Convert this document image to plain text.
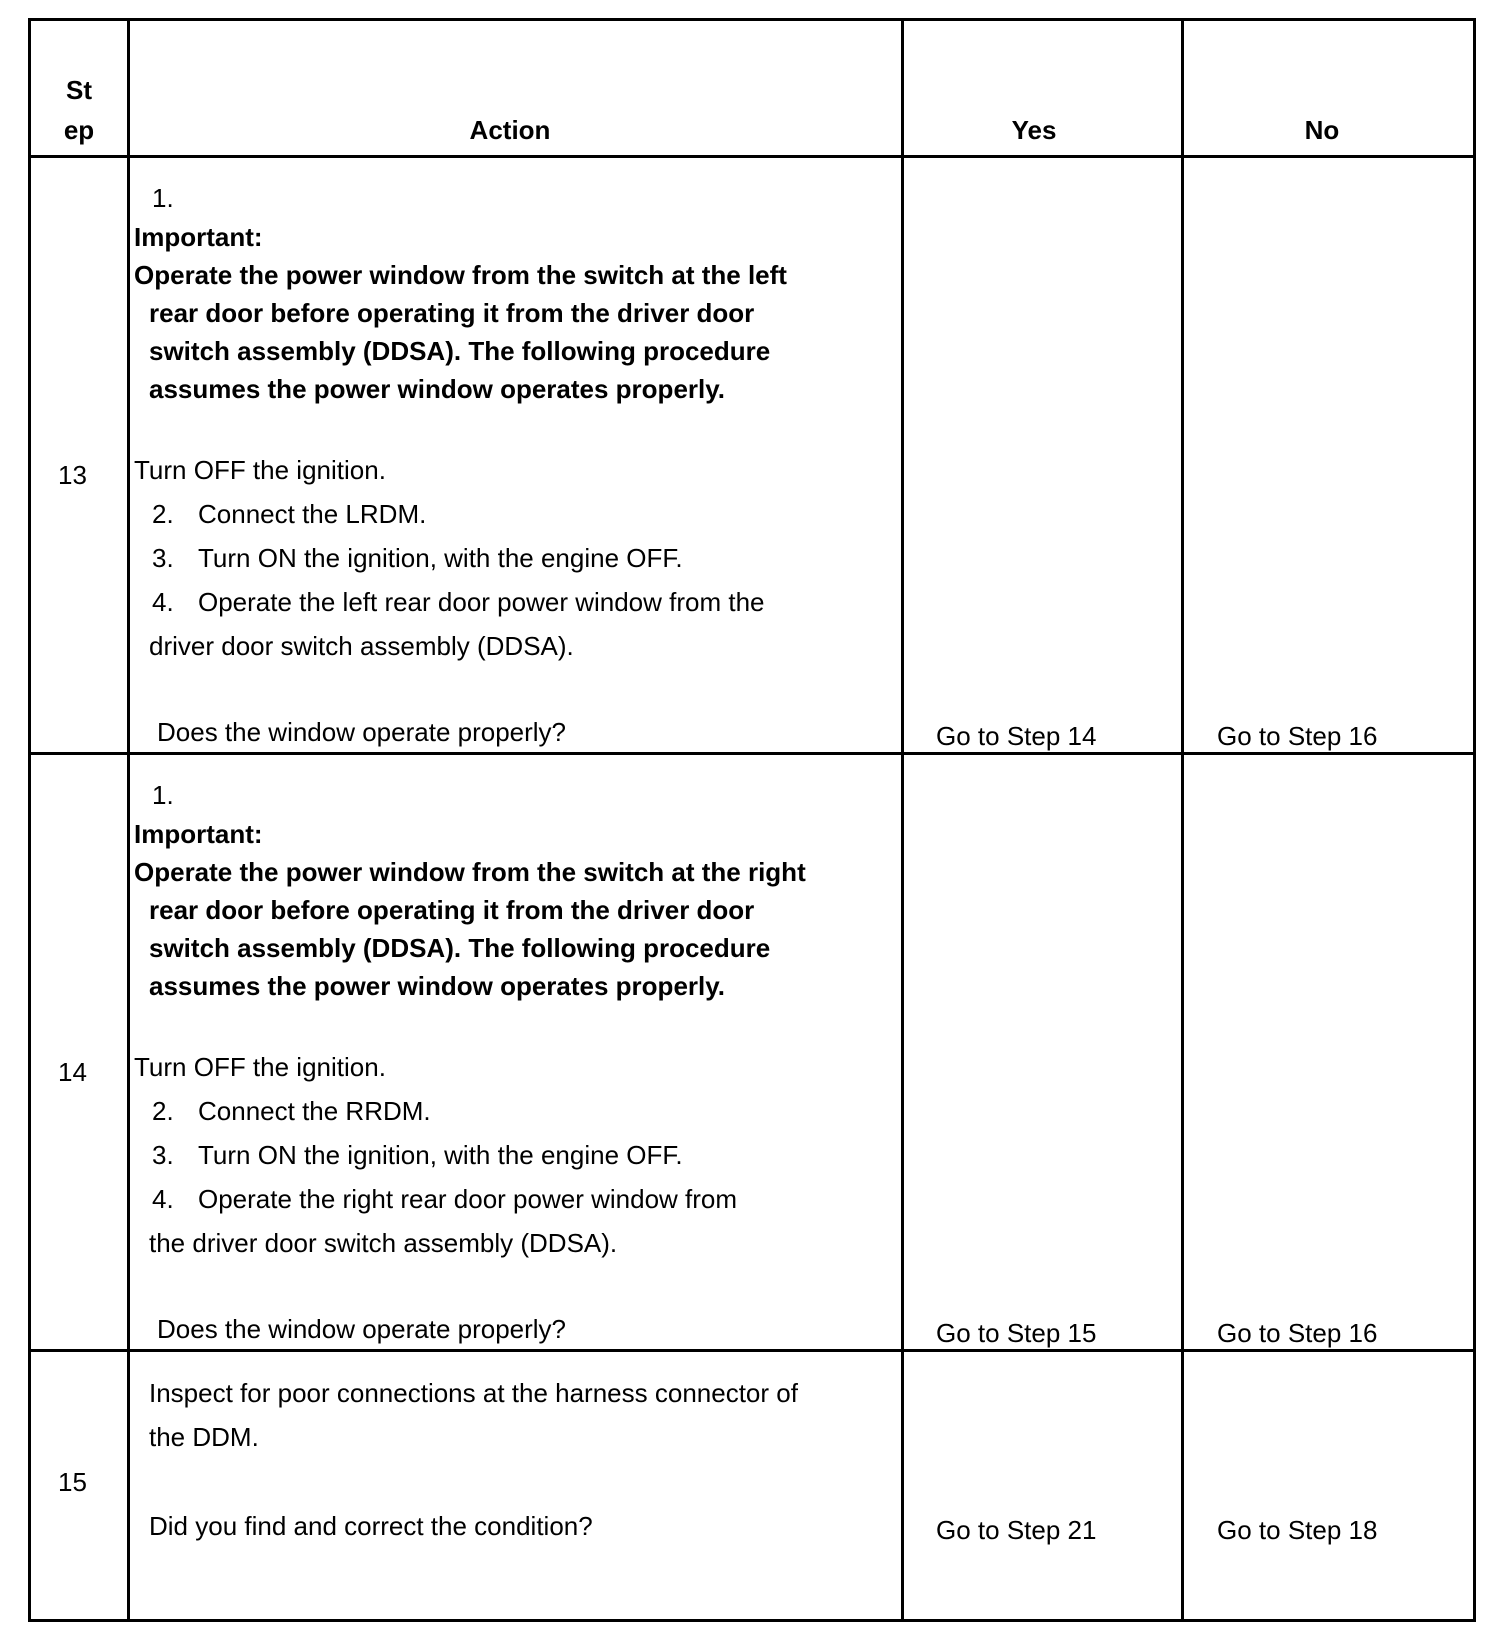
St
ep	Action	Yes	No
13
1.
Important:
Operate the power window from the switch at the left
rear door before operating it from the driver door
switch assembly (DDSA). The following procedure
assumes the power window operates properly.
Turn OFF the ignition.
2. Connect the LRDM.
3. Turn ON the ignition, with the engine OFF.
4. Operate the left rear door power window from the
driver door switch assembly (DDSA).
Does the window operate properly?	Go to Step 14	Go to Step 16
14
1.
Important:
Operate the power window from the switch at the right
rear door before operating it from the driver door
switch assembly (DDSA). The following procedure
assumes the power window operates properly.
Turn OFF the ignition.
2. Connect the RRDM.
3. Turn ON the ignition, with the engine OFF.
4. Operate the right rear door power window from
the driver door switch assembly (DDSA).
Does the window operate properly?	Go to Step 15	Go to Step 16
15
Inspect for poor connections at the harness connector of
the DDM.
Did you find and correct the condition?	Go to Step 21	Go to Step 18
